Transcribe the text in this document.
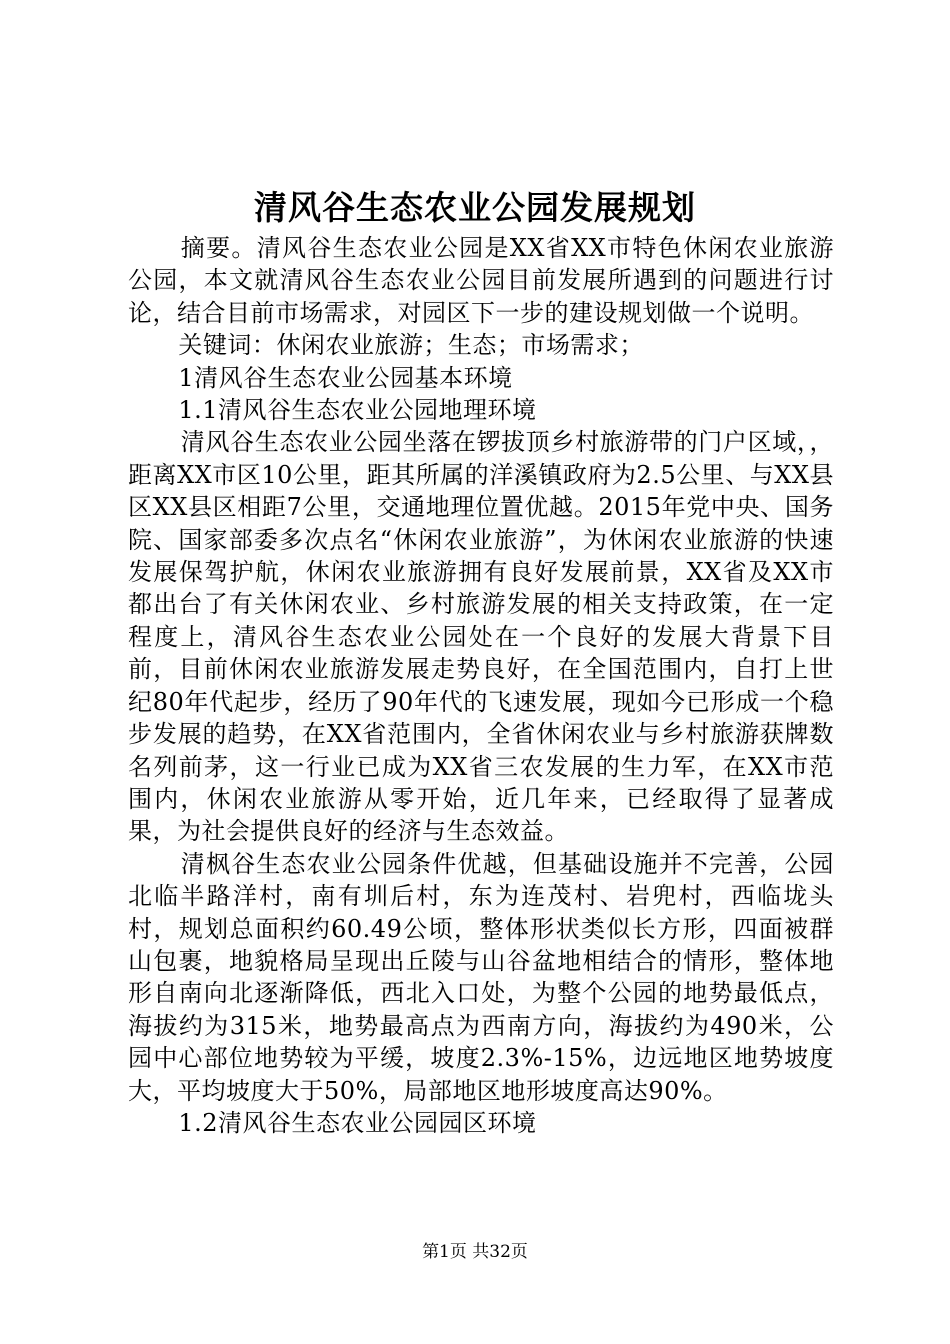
清风谷生态农业公园发展规划

摘要。清风谷生态农业公园是XX省XX市特色休闲农业旅游公园，本文就清风谷生态农业公园目前发展所遇到的问题进行讨论，结合目前市场需求，对园区下一步的建设规划做一个说明。

关键词：休闲农业旅游；生态；市场需求；

1清风谷生态农业公园基本环境

1.1清风谷生态农业公园地理环境

清风谷生态农业公园坐落在锣拔顶乡村旅游带的门户区域，，距离XX市区10公里，距其所属的洋溪镇政府为2.5公里、与XX县区XX县区相距7公里，交通地理位置优越。2015年党中央、国务院、国家部委多次点名“休闲农业旅游”，为休闲农业旅游的快速发展保驾护航，休闲农业旅游拥有良好发展前景，XX省及XX市都出台了有关休闲农业、乡村旅游发展的相关支持政策，在一定程度上，清风谷生态农业公园处在一个良好的发展大背景下目前，目前休闲农业旅游发展走势良好，在全国范围内，自打上世纪80年代起步，经历了90年代的飞速发展，现如今已形成一个稳步发展的趋势，在XX省范围内，全省休闲农业与乡村旅游获牌数名列前茅，这一行业已成为XX省三农发展的生力军，在XX市范围内，休闲农业旅游从零开始，近几年来，已经取得了显著成果，为社会提供良好的经济与生态效益。

清枫谷生态农业公园条件优越，但基础设施并不完善，公园北临半路洋村，南有圳后村，东为连茂村、岩兜村，西临垅头村，规划总面积约60.49公顷，整体形状类似长方形，四面被群山包裹，地貌格局呈现出丘陵与山谷盆地相结合的情形，整体地形自南向北逐渐降低，西北入口处，为整个公园的地势最低点，海拔约为315米，地势最高点为西南方向，海拔约为490米，公园中心部位地势较为平缓，坡度2.3%-15%，边远地区地势坡度大，平均坡度大于50%，局部地区地形坡度高达90%。

1.2清风谷生态农业公园园区环境

第1页 共32页
